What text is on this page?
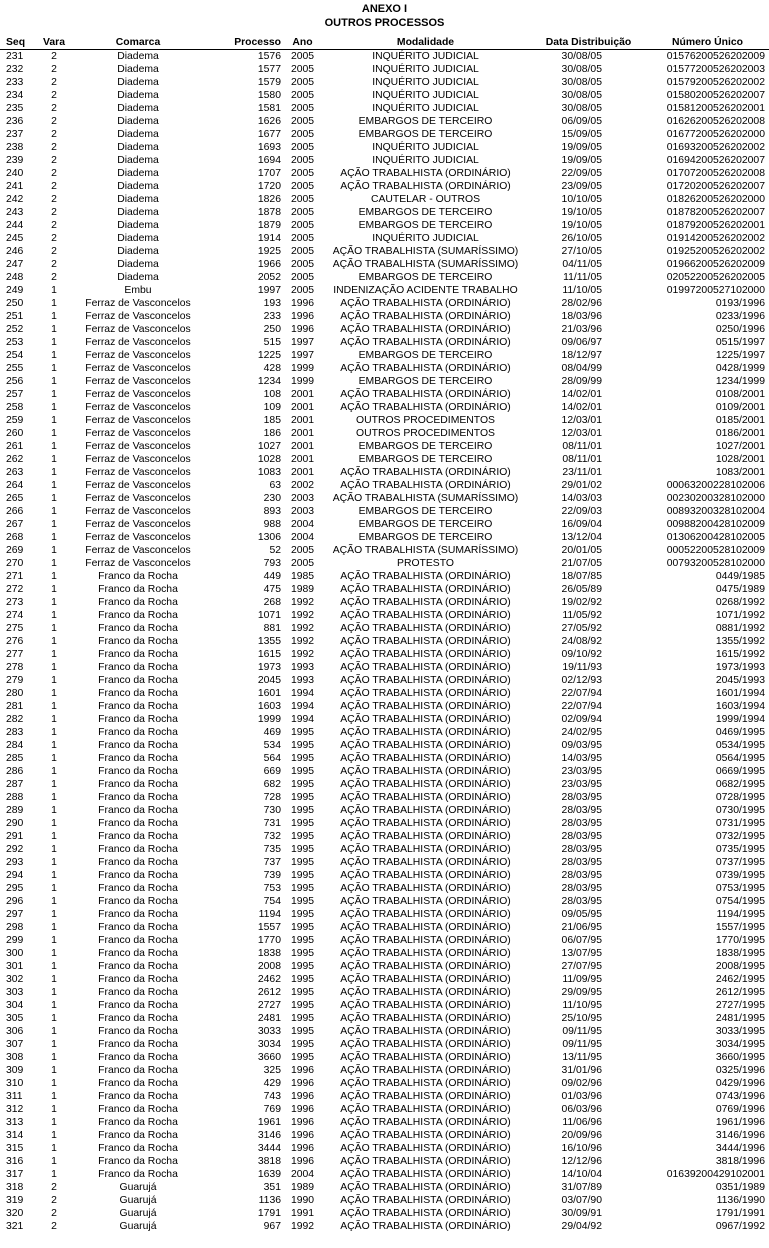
ANEXO I
OUTROS PROCESSOS
Seq	Vara	Comarca	Processo	Ano	Modalidade	Data Distribuição	Número Único
231	2	Diadema	1576	2005	INQUÉRITO JUDICIAL	30/08/05	01576200526202009
232	2	Diadema	1577	2005	INQUÉRITO JUDICIAL	30/08/05	01577200526202003
233	2	Diadema	1579	2005	INQUÉRITO JUDICIAL	30/08/05	01579200526202002
234	2	Diadema	1580	2005	INQUÉRITO JUDICIAL	30/08/05	01580200526202007
235	2	Diadema	1581	2005	INQUÉRITO JUDICIAL	30/08/05	01581200526202001
236	2	Diadema	1626	2005	EMBARGOS DE TERCEIRO	06/09/05	01626200526202008
237	2	Diadema	1677	2005	EMBARGOS DE TERCEIRO	15/09/05	01677200526202000
238	2	Diadema	1693	2005	INQUÉRITO JUDICIAL	19/09/05	01693200526202002
239	2	Diadema	1694	2005	INQUÉRITO JUDICIAL	19/09/05	01694200526202007
240	2	Diadema	1707	2005	AÇÃO TRABALHISTA (ORDINÁRIO)	22/09/05	01707200526202008
241	2	Diadema	1720	2005	AÇÃO TRABALHISTA (ORDINÁRIO)	23/09/05	01720200526202007
242	2	Diadema	1826	2005	CAUTELAR - OUTROS	10/10/05	01826200526202000
243	2	Diadema	1878	2005	EMBARGOS DE TERCEIRO	19/10/05	01878200526202007
244	2	Diadema	1879	2005	EMBARGOS DE TERCEIRO	19/10/05	01879200526202001
245	2	Diadema	1914	2005	INQUÉRITO JUDICIAL	26/10/05	01914200526202002
246	2	Diadema	1925	2005	AÇÃO TRABALHISTA (SUMARÍSSIMO)	27/10/05	01925200526202002
247	2	Diadema	1966	2005	AÇÃO TRABALHISTA (SUMARÍSSIMO)	04/11/05	01966200526202009
248	2	Diadema	2052	2005	EMBARGOS DE TERCEIRO	11/11/05	02052200526202005
249	1	Embu	1997	2005	INDENIZAÇÃO ACIDENTE TRABALHO	11/10/05	01997200527102000
250	1	Ferraz de Vasconcelos	193	1996	AÇÃO TRABALHISTA (ORDINÁRIO)	28/02/96	0193/1996
251	1	Ferraz de Vasconcelos	233	1996	AÇÃO TRABALHISTA (ORDINÁRIO)	18/03/96	0233/1996
252	1	Ferraz de Vasconcelos	250	1996	AÇÃO TRABALHISTA (ORDINÁRIO)	21/03/96	0250/1996
253	1	Ferraz de Vasconcelos	515	1997	AÇÃO TRABALHISTA (ORDINÁRIO)	09/06/97	0515/1997
254	1	Ferraz de Vasconcelos	1225	1997	EMBARGOS DE TERCEIRO	18/12/97	1225/1997
255	1	Ferraz de Vasconcelos	428	1999	AÇÃO TRABALHISTA (ORDINÁRIO)	08/04/99	0428/1999
256	1	Ferraz de Vasconcelos	1234	1999	EMBARGOS DE TERCEIRO	28/09/99	1234/1999
257	1	Ferraz de Vasconcelos	108	2001	AÇÃO TRABALHISTA (ORDINÁRIO)	14/02/01	0108/2001
258	1	Ferraz de Vasconcelos	109	2001	AÇÃO TRABALHISTA (ORDINÁRIO)	14/02/01	0109/2001
259	1	Ferraz de Vasconcelos	185	2001	OUTROS PROCEDIMENTOS	12/03/01	0185/2001
260	1	Ferraz de Vasconcelos	186	2001	OUTROS PROCEDIMENTOS	12/03/01	0186/2001
261	1	Ferraz de Vasconcelos	1027	2001	EMBARGOS DE TERCEIRO	08/11/01	1027/2001
262	1	Ferraz de Vasconcelos	1028	2001	EMBARGOS DE TERCEIRO	08/11/01	1028/2001
263	1	Ferraz de Vasconcelos	1083	2001	AÇÃO TRABALHISTA (ORDINÁRIO)	23/11/01	1083/2001
264	1	Ferraz de Vasconcelos	63	2002	AÇÃO TRABALHISTA (ORDINÁRIO)	29/01/02	00063200228102006
265	1	Ferraz de Vasconcelos	230	2003	AÇÃO TRABALHISTA (SUMARÍSSIMO)	14/03/03	00230200328102000
266	1	Ferraz de Vasconcelos	893	2003	EMBARGOS DE TERCEIRO	22/09/03	00893200328102004
267	1	Ferraz de Vasconcelos	988	2004	EMBARGOS DE TERCEIRO	16/09/04	00988200428102009
268	1	Ferraz de Vasconcelos	1306	2004	EMBARGOS DE TERCEIRO	13/12/04	01306200428102005
269	1	Ferraz de Vasconcelos	52	2005	AÇÃO TRABALHISTA (SUMARÍSSIMO)	20/01/05	00052200528102009
270	1	Ferraz de Vasconcelos	793	2005	PROTESTO	21/07/05	00793200528102000
271	1	Franco da Rocha	449	1985	AÇÃO TRABALHISTA (ORDINÁRIO)	18/07/85	0449/1985
272	1	Franco da Rocha	475	1989	AÇÃO TRABALHISTA (ORDINÁRIO)	26/05/89	0475/1989
273	1	Franco da Rocha	268	1992	AÇÃO TRABALHISTA (ORDINÁRIO)	19/02/92	0268/1992
274	1	Franco da Rocha	1071	1992	AÇÃO TRABALHISTA (ORDINÁRIO)	11/05/92	1071/1992
275	1	Franco da Rocha	881	1992	AÇÃO TRABALHISTA (ORDINÁRIO)	27/05/92	0881/1992
276	1	Franco da Rocha	1355	1992	AÇÃO TRABALHISTA (ORDINÁRIO)	24/08/92	1355/1992
277	1	Franco da Rocha	1615	1992	AÇÃO TRABALHISTA (ORDINÁRIO)	09/10/92	1615/1992
278	1	Franco da Rocha	1973	1993	AÇÃO TRABALHISTA (ORDINÁRIO)	19/11/93	1973/1993
279	1	Franco da Rocha	2045	1993	AÇÃO TRABALHISTA (ORDINÁRIO)	02/12/93	2045/1993
280	1	Franco da Rocha	1601	1994	AÇÃO TRABALHISTA (ORDINÁRIO)	22/07/94	1601/1994
281	1	Franco da Rocha	1603	1994	AÇÃO TRABALHISTA (ORDINÁRIO)	22/07/94	1603/1994
282	1	Franco da Rocha	1999	1994	AÇÃO TRABALHISTA (ORDINÁRIO)	02/09/94	1999/1994
283	1	Franco da Rocha	469	1995	AÇÃO TRABALHISTA (ORDINÁRIO)	24/02/95	0469/1995
284	1	Franco da Rocha	534	1995	AÇÃO TRABALHISTA (ORDINÁRIO)	09/03/95	0534/1995
285	1	Franco da Rocha	564	1995	AÇÃO TRABALHISTA (ORDINÁRIO)	14/03/95	0564/1995
286	1	Franco da Rocha	669	1995	AÇÃO TRABALHISTA (ORDINÁRIO)	23/03/95	0669/1995
287	1	Franco da Rocha	682	1995	AÇÃO TRABALHISTA (ORDINÁRIO)	23/03/95	0682/1995
288	1	Franco da Rocha	728	1995	AÇÃO TRABALHISTA (ORDINÁRIO)	28/03/95	0728/1995
289	1	Franco da Rocha	730	1995	AÇÃO TRABALHISTA (ORDINÁRIO)	28/03/95	0730/1995
290	1	Franco da Rocha	731	1995	AÇÃO TRABALHISTA (ORDINÁRIO)	28/03/95	0731/1995
291	1	Franco da Rocha	732	1995	AÇÃO TRABALHISTA (ORDINÁRIO)	28/03/95	0732/1995
292	1	Franco da Rocha	735	1995	AÇÃO TRABALHISTA (ORDINÁRIO)	28/03/95	0735/1995
293	1	Franco da Rocha	737	1995	AÇÃO TRABALHISTA (ORDINÁRIO)	28/03/95	0737/1995
294	1	Franco da Rocha	739	1995	AÇÃO TRABALHISTA (ORDINÁRIO)	28/03/95	0739/1995
295	1	Franco da Rocha	753	1995	AÇÃO TRABALHISTA (ORDINÁRIO)	28/03/95	0753/1995
296	1	Franco da Rocha	754	1995	AÇÃO TRABALHISTA (ORDINÁRIO)	28/03/95	0754/1995
297	1	Franco da Rocha	1194	1995	AÇÃO TRABALHISTA (ORDINÁRIO)	09/05/95	1194/1995
298	1	Franco da Rocha	1557	1995	AÇÃO TRABALHISTA (ORDINÁRIO)	21/06/95	1557/1995
299	1	Franco da Rocha	1770	1995	AÇÃO TRABALHISTA (ORDINÁRIO)	06/07/95	1770/1995
300	1	Franco da Rocha	1838	1995	AÇÃO TRABALHISTA (ORDINÁRIO)	13/07/95	1838/1995
301	1	Franco da Rocha	2008	1995	AÇÃO TRABALHISTA (ORDINÁRIO)	27/07/95	2008/1995
302	1	Franco da Rocha	2462	1995	AÇÃO TRABALHISTA (ORDINÁRIO)	11/09/95	2462/1995
303	1	Franco da Rocha	2612	1995	AÇÃO TRABALHISTA (ORDINÁRIO)	29/09/95	2612/1995
304	1	Franco da Rocha	2727	1995	AÇÃO TRABALHISTA (ORDINÁRIO)	11/10/95	2727/1995
305	1	Franco da Rocha	2481	1995	AÇÃO TRABALHISTA (ORDINÁRIO)	25/10/95	2481/1995
306	1	Franco da Rocha	3033	1995	AÇÃO TRABALHISTA (ORDINÁRIO)	09/11/95	3033/1995
307	1	Franco da Rocha	3034	1995	AÇÃO TRABALHISTA (ORDINÁRIO)	09/11/95	3034/1995
308	1	Franco da Rocha	3660	1995	AÇÃO TRABALHISTA (ORDINÁRIO)	13/11/95	3660/1995
309	1	Franco da Rocha	325	1996	AÇÃO TRABALHISTA (ORDINÁRIO)	31/01/96	0325/1996
310	1	Franco da Rocha	429	1996	AÇÃO TRABALHISTA (ORDINÁRIO)	09/02/96	0429/1996
311	1	Franco da Rocha	743	1996	AÇÃO TRABALHISTA (ORDINÁRIO)	01/03/96	0743/1996
312	1	Franco da Rocha	769	1996	AÇÃO TRABALHISTA (ORDINÁRIO)	06/03/96	0769/1996
313	1	Franco da Rocha	1961	1996	AÇÃO TRABALHISTA (ORDINÁRIO)	11/06/96	1961/1996
314	1	Franco da Rocha	3146	1996	AÇÃO TRABALHISTA (ORDINÁRIO)	20/09/96	3146/1996
315	1	Franco da Rocha	3444	1996	AÇÃO TRABALHISTA (ORDINÁRIO)	16/10/96	3444/1996
316	1	Franco da Rocha	3818	1996	AÇÃO TRABALHISTA (ORDINÁRIO)	12/12/96	3818/1996
317	1	Franco da Rocha	1639	2004	AÇÃO TRABALHISTA (ORDINÁRIO)	14/10/04	01639200429102001
318	2	Guarujá	351	1989	AÇÃO TRABALHISTA (ORDINÁRIO)	31/07/89	0351/1989
319	2	Guarujá	1136	1990	AÇÃO TRABALHISTA (ORDINÁRIO)	03/07/90	1136/1990
320	2	Guarujá	1791	1991	AÇÃO TRABALHISTA (ORDINÁRIO)	30/09/91	1791/1991
321	2	Guarujá	967	1992	AÇÃO TRABALHISTA (ORDINÁRIO)	29/04/92	0967/1992
